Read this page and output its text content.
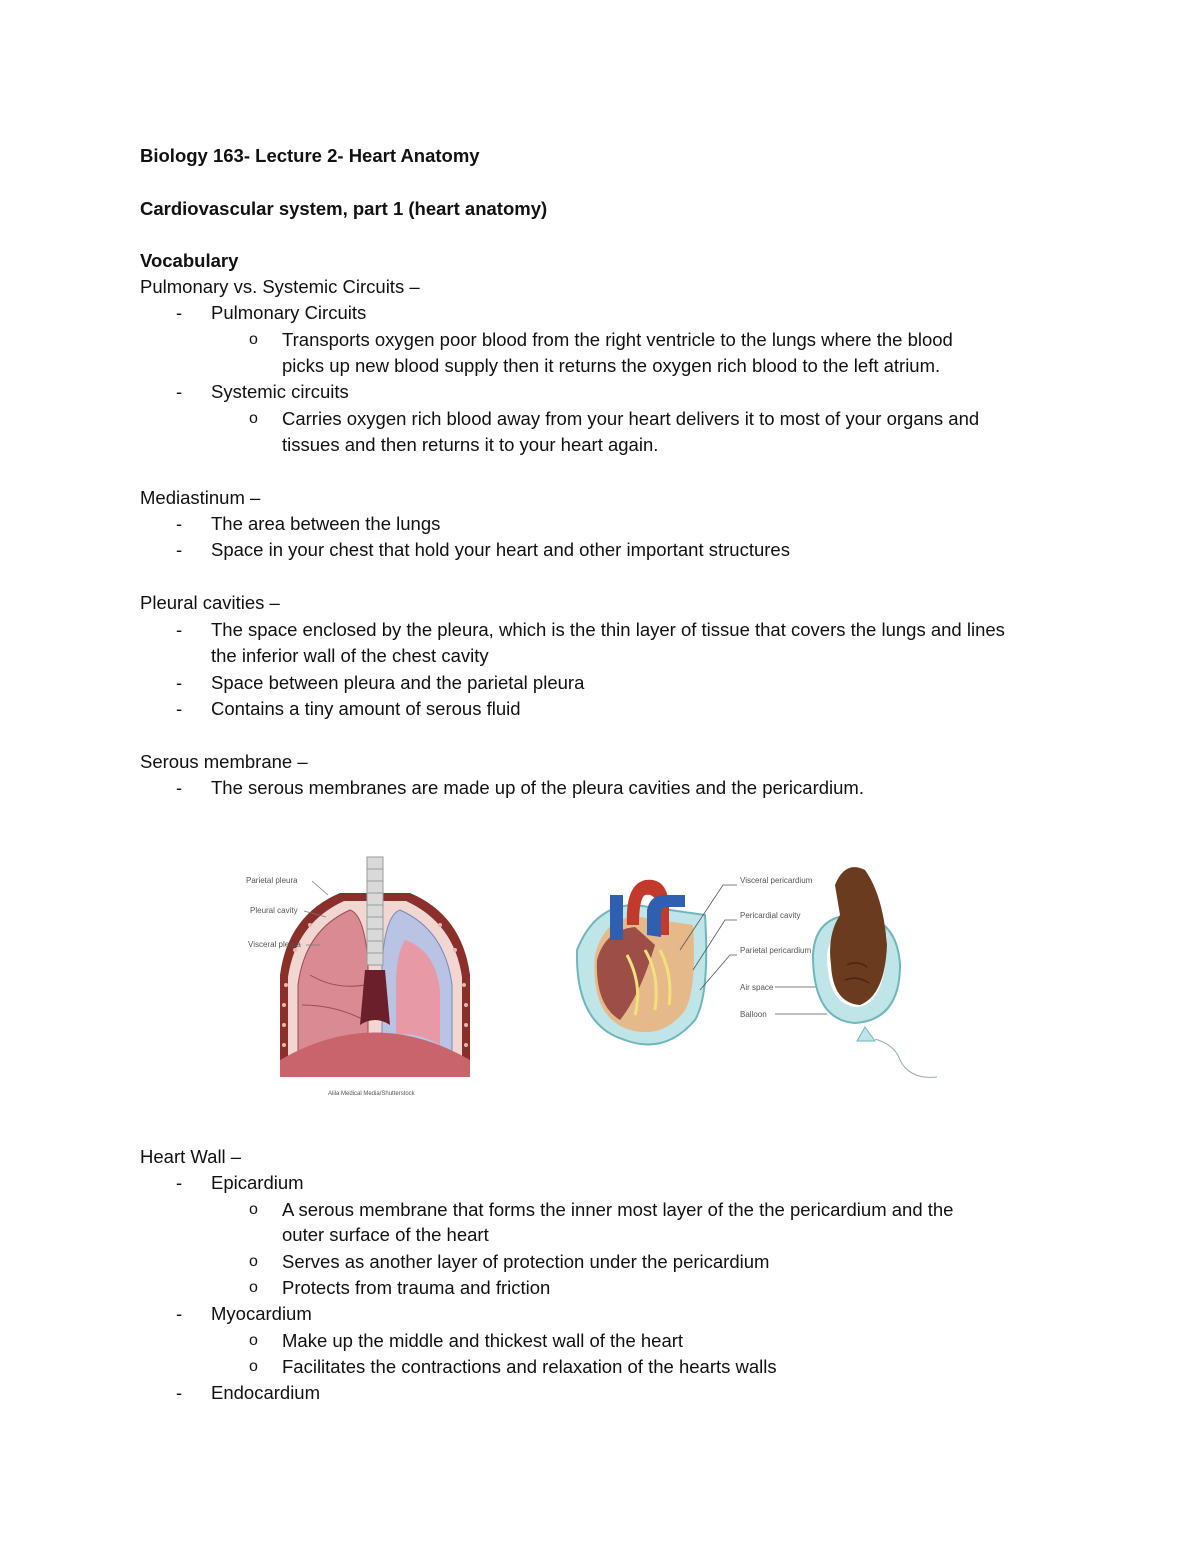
Biology 163- Lecture 2- Heart Anatomy
Cardiovascular system, part 1 (heart anatomy)
Vocabulary
Pulmonary vs. Systemic Circuits –
- Pulmonary Circuits
o Transports oxygen poor blood from the right ventricle to the lungs where the blood
picks up new blood supply then it returns the oxygen rich blood to the left atrium.
- Systemic circuits
o Carries oxygen rich blood away from your heart delivers it to most of your organs and
tissues and then returns it to your heart again.
Mediastinum –
- The area between the lungs
- Space in your chest that hold your heart and other important structures
Pleural cavities –
- The space enclosed by the pleura, which is the thin layer of tissue that covers the lungs and lines
the inferior wall of the chest cavity
- Space between pleura and the parietal pleura
- Contains a tiny amount of serous fluid
Serous membrane –
- The serous membranes are made up of the pleura cavities and the pericardium.
Parietal pleura
Pleural cavity
Visceral pleura
Alila Medical Media/Shutterstock
Visceral pericardium
Pericardial cavity
Parietal pericardium
Air space
Balloon
Heart Wall –
- Epicardium
o A serous membrane that forms the inner most layer of the the pericardium and the
outer surface of the heart
o Serves as another layer of protection under the pericardium
o Protects from trauma and friction
- Myocardium
o Make up the middle and thickest wall of the heart
o Facilitates the contractions and relaxation of the hearts walls
- Endocardium
